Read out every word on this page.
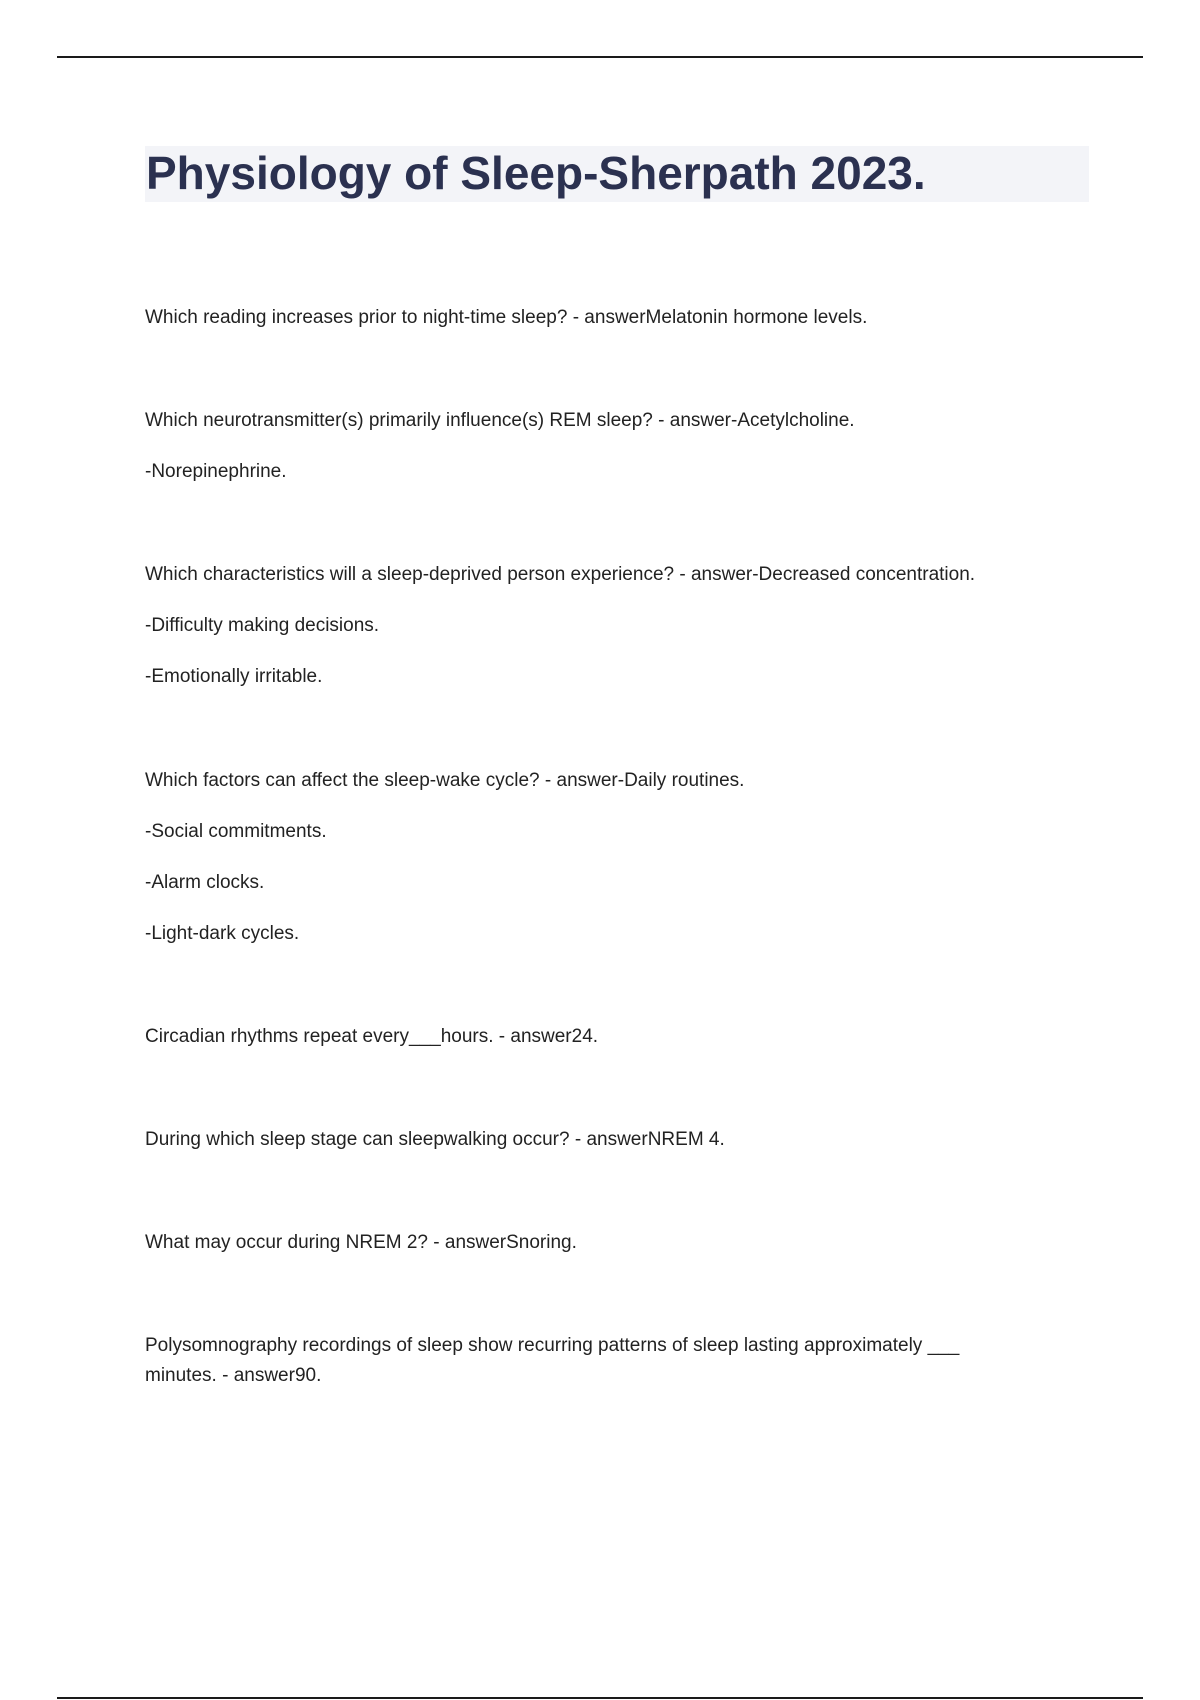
Physiology of Sleep-Sherpath 2023.

Which reading increases prior to night-time sleep? - answerMelatonin hormone levels.

Which neurotransmitter(s) primarily influence(s) REM sleep? - answer-Acetylcholine.

-Norepinephrine.

Which characteristics will a sleep-deprived person experience? - answer-Decreased concentration.

-Difficulty making decisions.

-Emotionally irritable.

Which factors can affect the sleep-wake cycle? - answer-Daily routines.

-Social commitments.

-Alarm clocks.

-Light-dark cycles.

Circadian rhythms repeat every___hours. - answer24.

During which sleep stage can sleepwalking occur? - answerNREM 4.

What may occur during NREM 2? - answerSnoring.

Polysomnography recordings of sleep show recurring patterns of sleep lasting approximately ___

minutes. - answer90.
